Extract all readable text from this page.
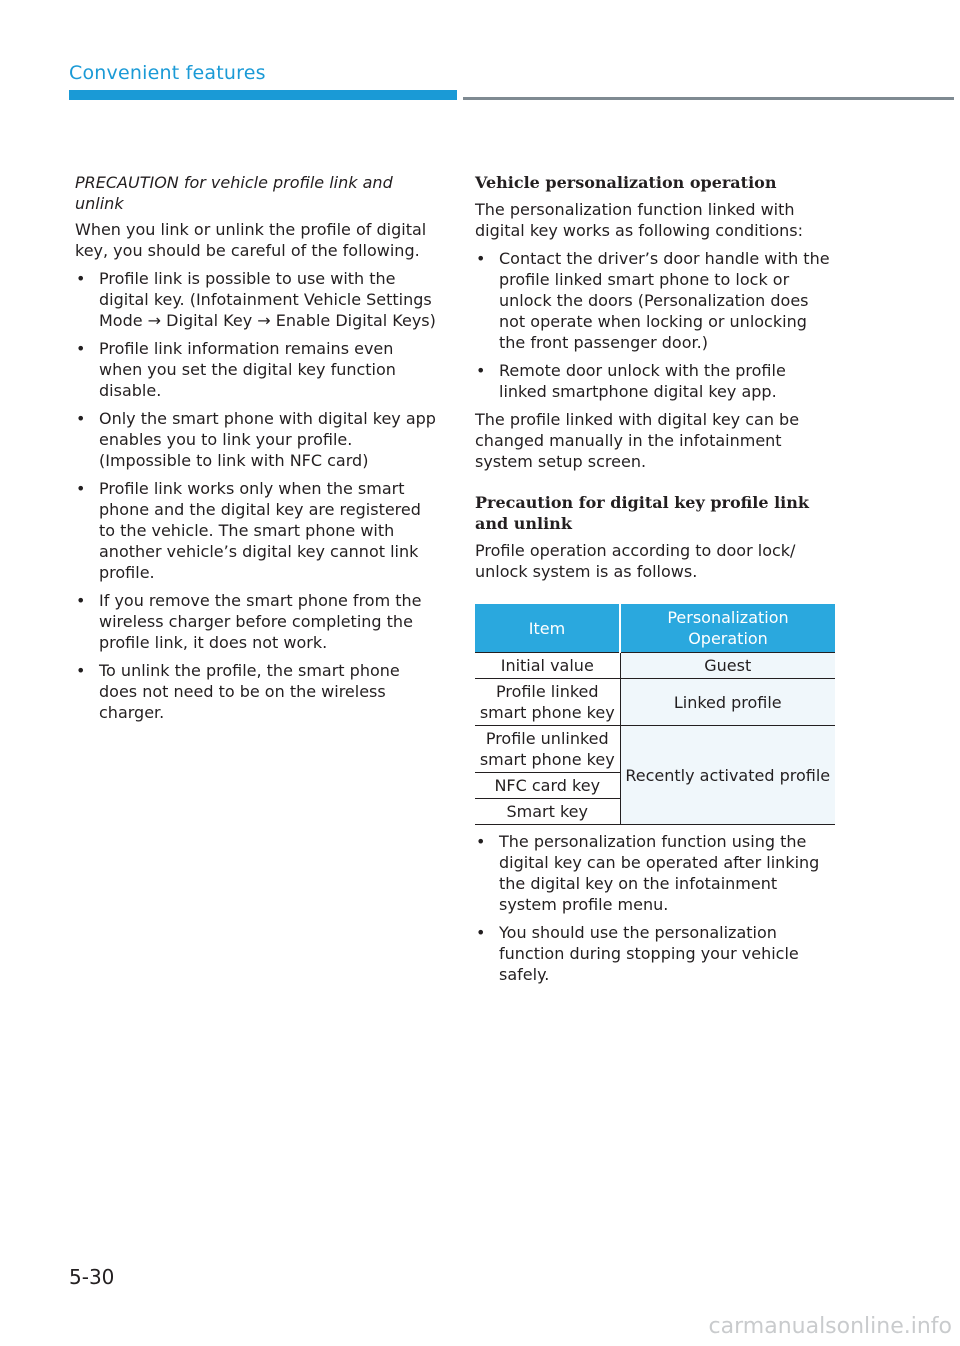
Convenient features

PRECAUTION for vehicle profile link and unlink

When you link or unlink the profile of digital key, you should be careful of the following.

• Profile link is possible to use with the digital key. (Infotainment Vehicle Settings Mode → Digital Key → Enable Digital Keys)
• Profile link information remains even when you set the digital key function disable.
• Only the smart phone with digital key app enables you to link your profile. (Impossible to link with NFC card)
• Profile link works only when the smart phone and the digital key are registered to the vehicle. The smart phone with another vehicle’s digital key cannot link profile.
• If you remove the smart phone from the wireless charger before completing the profile link, it does not work.
• To unlink the profile, the smart phone does not need to be on the wireless charger.
Vehicle personalization operation

The personalization function linked with digital key works as following conditions:

• Contact the driver’s door handle with the profile linked smart phone to lock or unlock the doors (Personalization does not operate when locking or unlocking the front passenger door.)
• Remote door unlock with the profile linked smartphone digital key app.

The profile linked with digital key can be changed manually in the infotainment system setup screen.

Precaution for digital key profile link and unlink

Profile operation according to door lock/ unlock system is as follows.

Item	Personalization Operation
Initial value	Guest
Profile linked smart phone key	Linked profile
Profile unlinked smart phone key	Recently activated profile
NFC card key	
Smart key	
• The personalization function using the digital key can be operated after linking the digital key on the infotainment system profile menu.
• You should use the personalization function during stopping your vehicle safely.
5-30
carmanualsonline.info
